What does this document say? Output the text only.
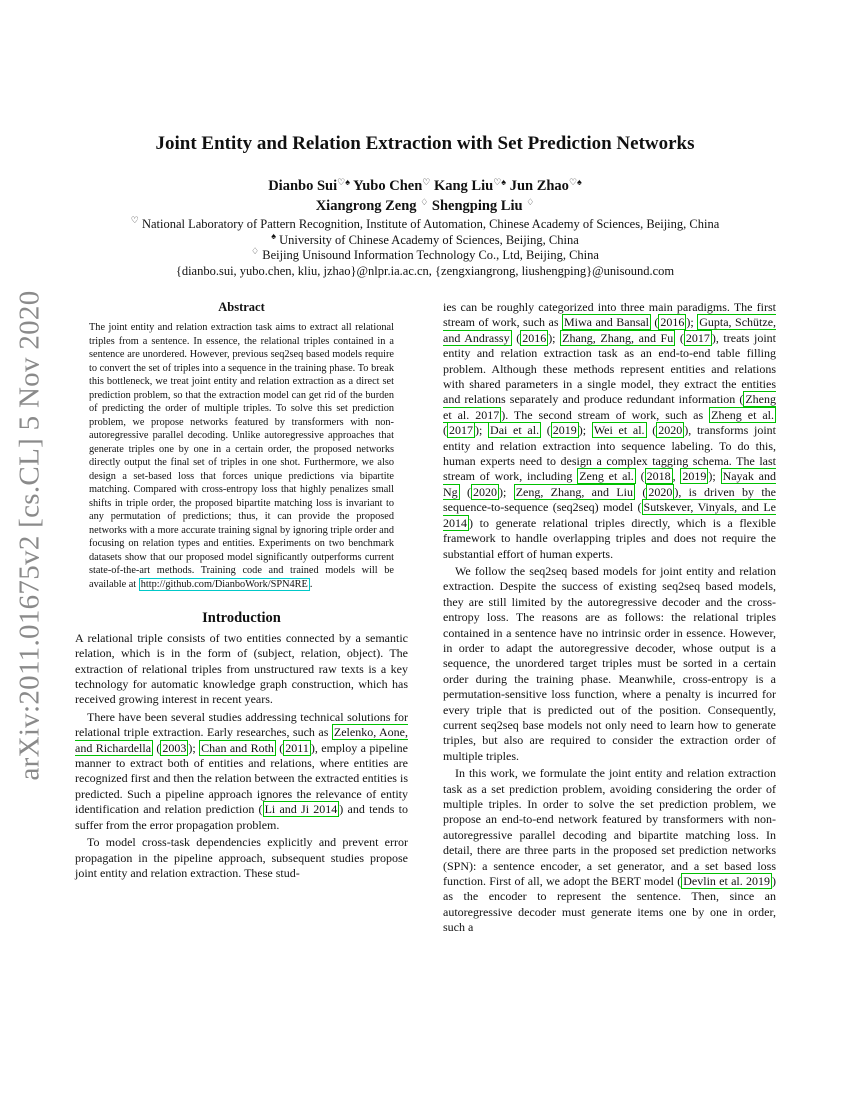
arXiv:2011.01675v2 [cs.CL] 5 Nov 2020
Joint Entity and Relation Extraction with Set Prediction Networks
Dianbo Sui♡♠ Yubo Chen♡ Kang Liu♡♠ Jun Zhao♡♠
Xiangrong Zeng ♢ Shengping Liu ♢
♡ National Laboratory of Pattern Recognition, Institute of Automation, Chinese Academy of Sciences, Beijing, China
♠ University of Chinese Academy of Sciences, Beijing, China
♢ Beijing Unisound Information Technology Co., Ltd, Beijing, China
{dianbo.sui, yubo.chen, kliu, jzhao}@nlpr.ia.ac.cn, {zengxiangrong, liushengping}@unisound.com
Abstract
The joint entity and relation extraction task aims to extract all relational triples from a sentence. In essence, the relational triples contained in a sentence are unordered. However, previous seq2seq based models require to convert the set of triples into a sequence in the training phase. To break this bottleneck, we treat joint entity and relation extraction as a direct set prediction problem, so that the extraction model can get rid of the burden of predicting the order of multiple triples. To solve this set prediction problem, we propose networks featured by transformers with non-autoregressive parallel decoding. Unlike autoregressive approaches that generate triples one by one in a certain order, the proposed networks directly output the final set of triples in one shot. Furthermore, we also design a set-based loss that forces unique predictions via bipartite matching. Compared with cross-entropy loss that highly penalizes small shifts in triple order, the proposed bipartite matching loss is invariant to any permutation of predictions; thus, it can provide the proposed networks with a more accurate training signal by ignoring triple order and focusing on relation types and entities. Experiments on two benchmark datasets show that our proposed model significantly outperforms current state-of-the-art methods. Training code and trained models will be available at http://github.com/DianboWork/SPN4RE .
Introduction

A relational triple consists of two entities connected by a semantic relation, which is in the form of (subject, relation, object). The extraction of relational triples from unstructured raw texts is a key technology for automatic knowledge graph construction, which has received growing interest in recent years.

There have been several studies addressing technical solutions for relational triple extraction. Early researches, such as Zelenko, Aone, and Richardella ( 2003 ); Chan and Roth ( 2011 ), employ a pipeline manner to extract both of entities and relations, where entities are recognized first and then the relation between the extracted entities is predicted. Such a pipeline approach ignores the relevance of entity identification and relation prediction ( Li and Ji 2014 ) and tends to suffer from the error propagation problem.

To model cross-task dependencies explicitly and prevent error propagation in the pipeline approach, subsequent studies propose joint entity and relation extraction. These stud-

ies can be roughly categorized into three main paradigms. The first stream of work, such as Miwa and Bansal ( 2016 ); Gupta, Schütze, and Andrassy ( 2016 ); Zhang, Zhang, and Fu ( 2017 ), treats joint entity and relation extraction task as an end-to-end table filling problem. Although these methods represent entities and relations with shared parameters in a single model, they extract the entities and relations separately and produce redundant information ( Zheng et al. 2017 ). The second stream of work, such as Zheng et al. ( 2017 ); Dai et al. ( 2019 ); Wei et al. ( 2020 ), transforms joint entity and relation extraction into sequence labeling. To do this, human experts need to design a complex tagging schema. The last stream of work, including Zeng et al. ( 2018 , 2019 ); Nayak and Ng ( 2020 ); Zeng, Zhang, and Liu ( 2020 ), is driven by the sequence-to-sequence (seq2seq) model ( Sutskever, Vinyals, and Le 2014 ) to generate relational triples directly, which is a flexible framework to handle overlapping triples and does not require the substantial effort of human experts.

We follow the seq2seq based models for joint entity and relation extraction. Despite the success of existing seq2seq based models, they are still limited by the autoregressive decoder and the cross-entropy loss. The reasons are as follows: the relational triples contained in a sentence have no intrinsic order in essence. However, in order to adapt the autoregressive decoder, whose output is a sequence, the unordered target triples must be sorted in a certain order during the training phase. Meanwhile, cross-entropy is a permutation-sensitive loss function, where a penalty is incurred for every triple that is predicted out of the position. Consequently, current seq2seq base models not only need to learn how to generate triples, but also are required to consider the extraction order of multiple triples.

In this work, we formulate the joint entity and relation extraction task as a set prediction problem, avoiding considering the order of multiple triples. In order to solve the set prediction problem, we propose an end-to-end network featured by transformers with non-autoregressive parallel decoding and bipartite matching loss. In detail, there are three parts in the proposed set prediction networks (SPN): a sentence encoder, a set generator, and a set based loss function. First of all, we adopt the BERT model ( Devlin et al. 2019 ) as the encoder to represent the sentence. Then, since an autoregressive decoder must generate items one by one in order, such a
